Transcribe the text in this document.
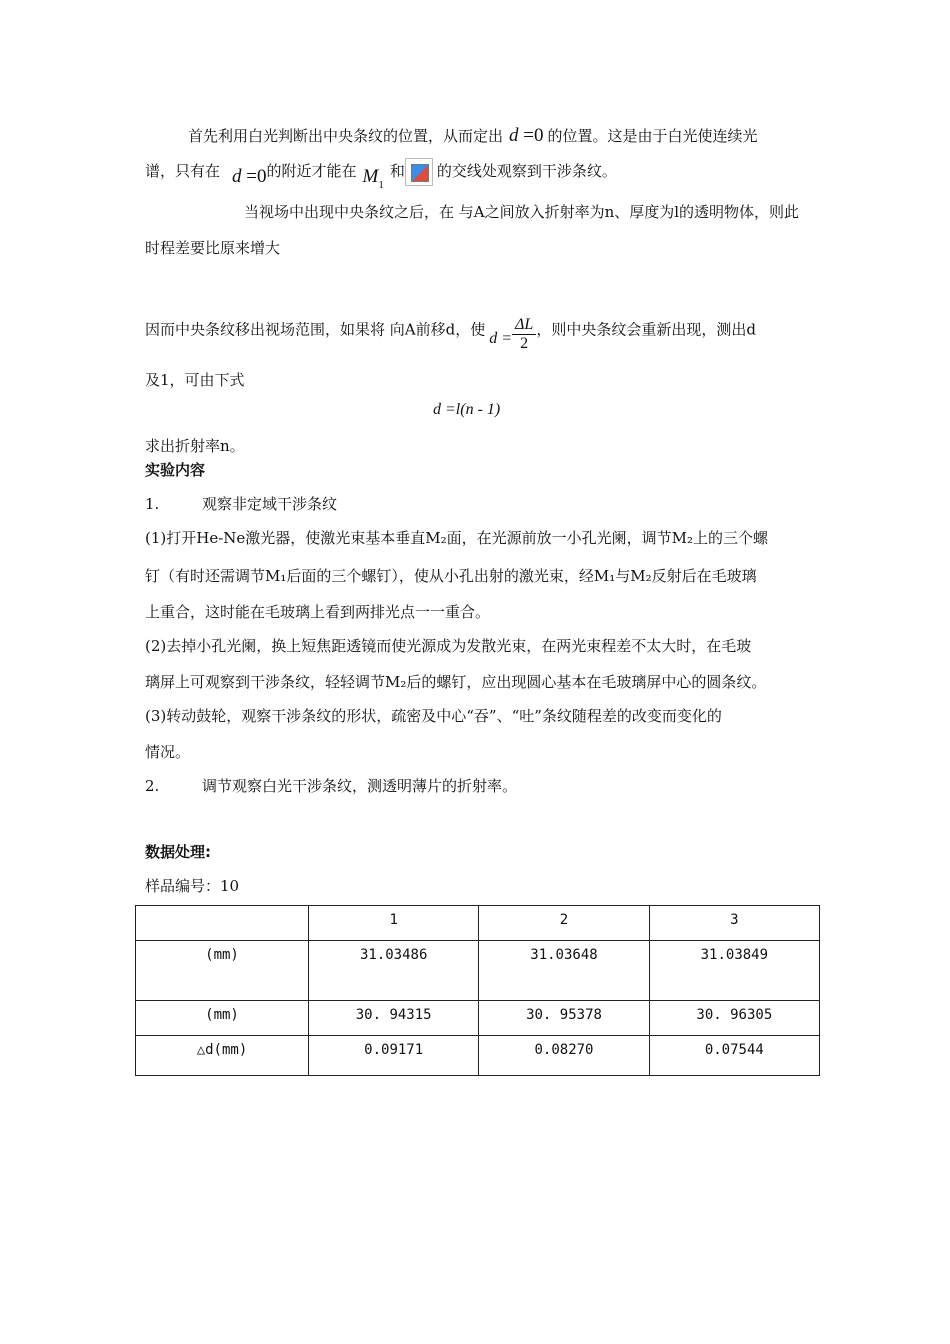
首先利用白光判断出中央条纹的位置，从而定出 d =0 的位置。这是由于白光使连续光
谱，只有在 d =0的附近才能在 $M_1$和 的交线处观察到干涉条纹。
当视场中出现中央条纹之后，在 与A之间放入折射率为n、厚度为l的透明物体，则此
时程差要比原来增大
因而中央条纹移出视场范围，如果将 向A前移d，使 $d = \frac{\Delta L}{2}$ ，则中央条纹会重新出现，测出d
及1，可由下式
d =l(n - 1)
求出折射率n。
实验内容
1.	观察非定域干涉条纹
(1)打开He-Ne激光器，使激光束基本垂直M₂面，在光源前放一小孔光阑，调节M₂上的三个螺
钉（有时还需调节M₁后面的三个螺钉），使从小孔出射的激光束，经M₁与M₂反射后在毛玻璃
上重合，这时能在毛玻璃上看到两排光点一一重合。
(2)去掉小孔光阑，换上短焦距透镜而使光源成为发散光束，在两光束程差不太大时，在毛玻
璃屏上可观察到干涉条纹，轻轻调节M₂后的螺钉，应出现圆心基本在毛玻璃屏中心的圆条纹。
(3)转动鼓轮，观察干涉条纹的形状，疏密及中心“吞”、“吐”条纹随程差的改变而变化的
情况。
2.	调节观察白光干涉条纹，测透明薄片的折射率。
数据处理:
样品编号：10
	1	2	3
(mm)	31.03486	31.03648	31.03849
(mm)	30. 94315	30. 95378	30. 96305
△d(mm)	0.09171	0.08270	0.07544
